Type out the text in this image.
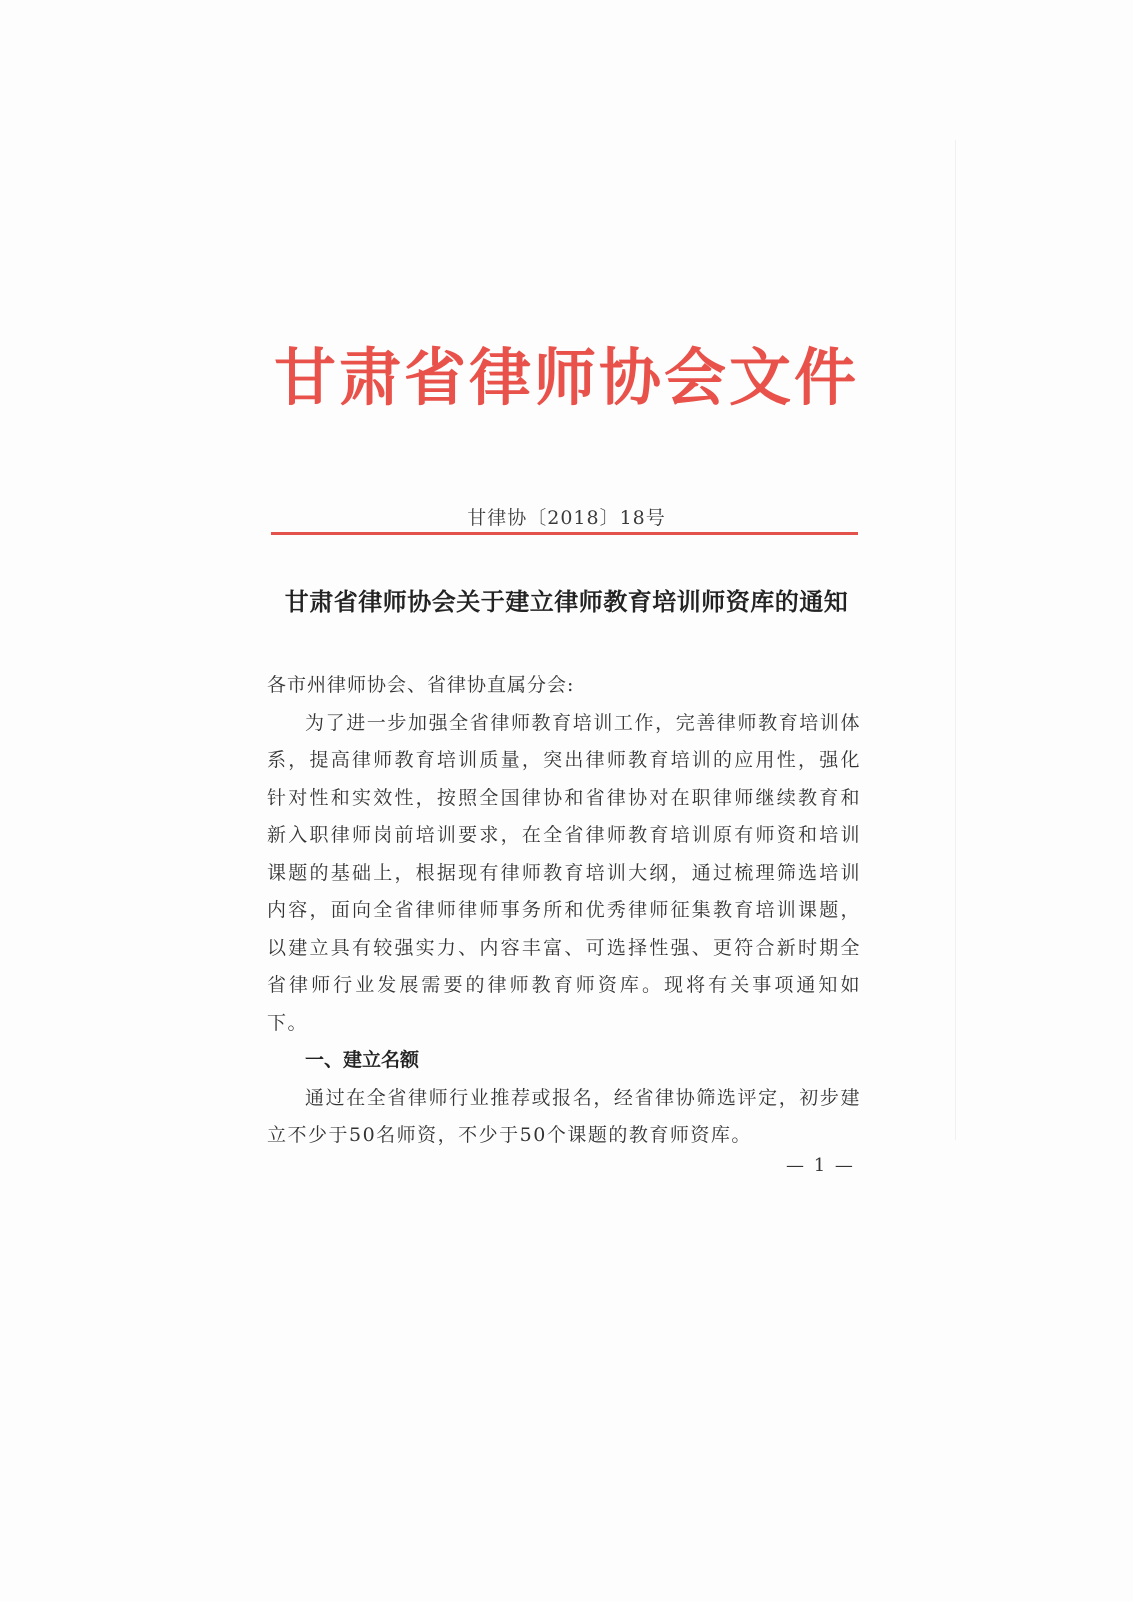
甘肃省律师协会文件
甘律协〔2018〕18号
甘肃省律师协会关于建立律师教育培训师资库的通知

各市州律师协会、省律协直属分会:

为了进一步加强全省律师教育培训工作，完善律师教育培训体系，提高律师教育培训质量，突出律师教育培训的应用性，强化针对性和实效性，按照全国律协和省律协对在职律师继续教育和新入职律师岗前培训要求，在全省律师教育培训原有师资和培训课题的基础上，根据现有律师教育培训大纲，通过梳理筛选培训内容，面向全省律师律师事务所和优秀律师征集教育培训课题，以建立具有较强实力、内容丰富、可选择性强、更符合新时期全省律师行业发展需要的律师教育师资库。现将有关事项通知如下。

一、建立名额

通过在全省律师行业推荐或报名，经省律协筛选评定，初步建立不少于50名师资，不少于50个课题的教育师资库。

— 1 —
